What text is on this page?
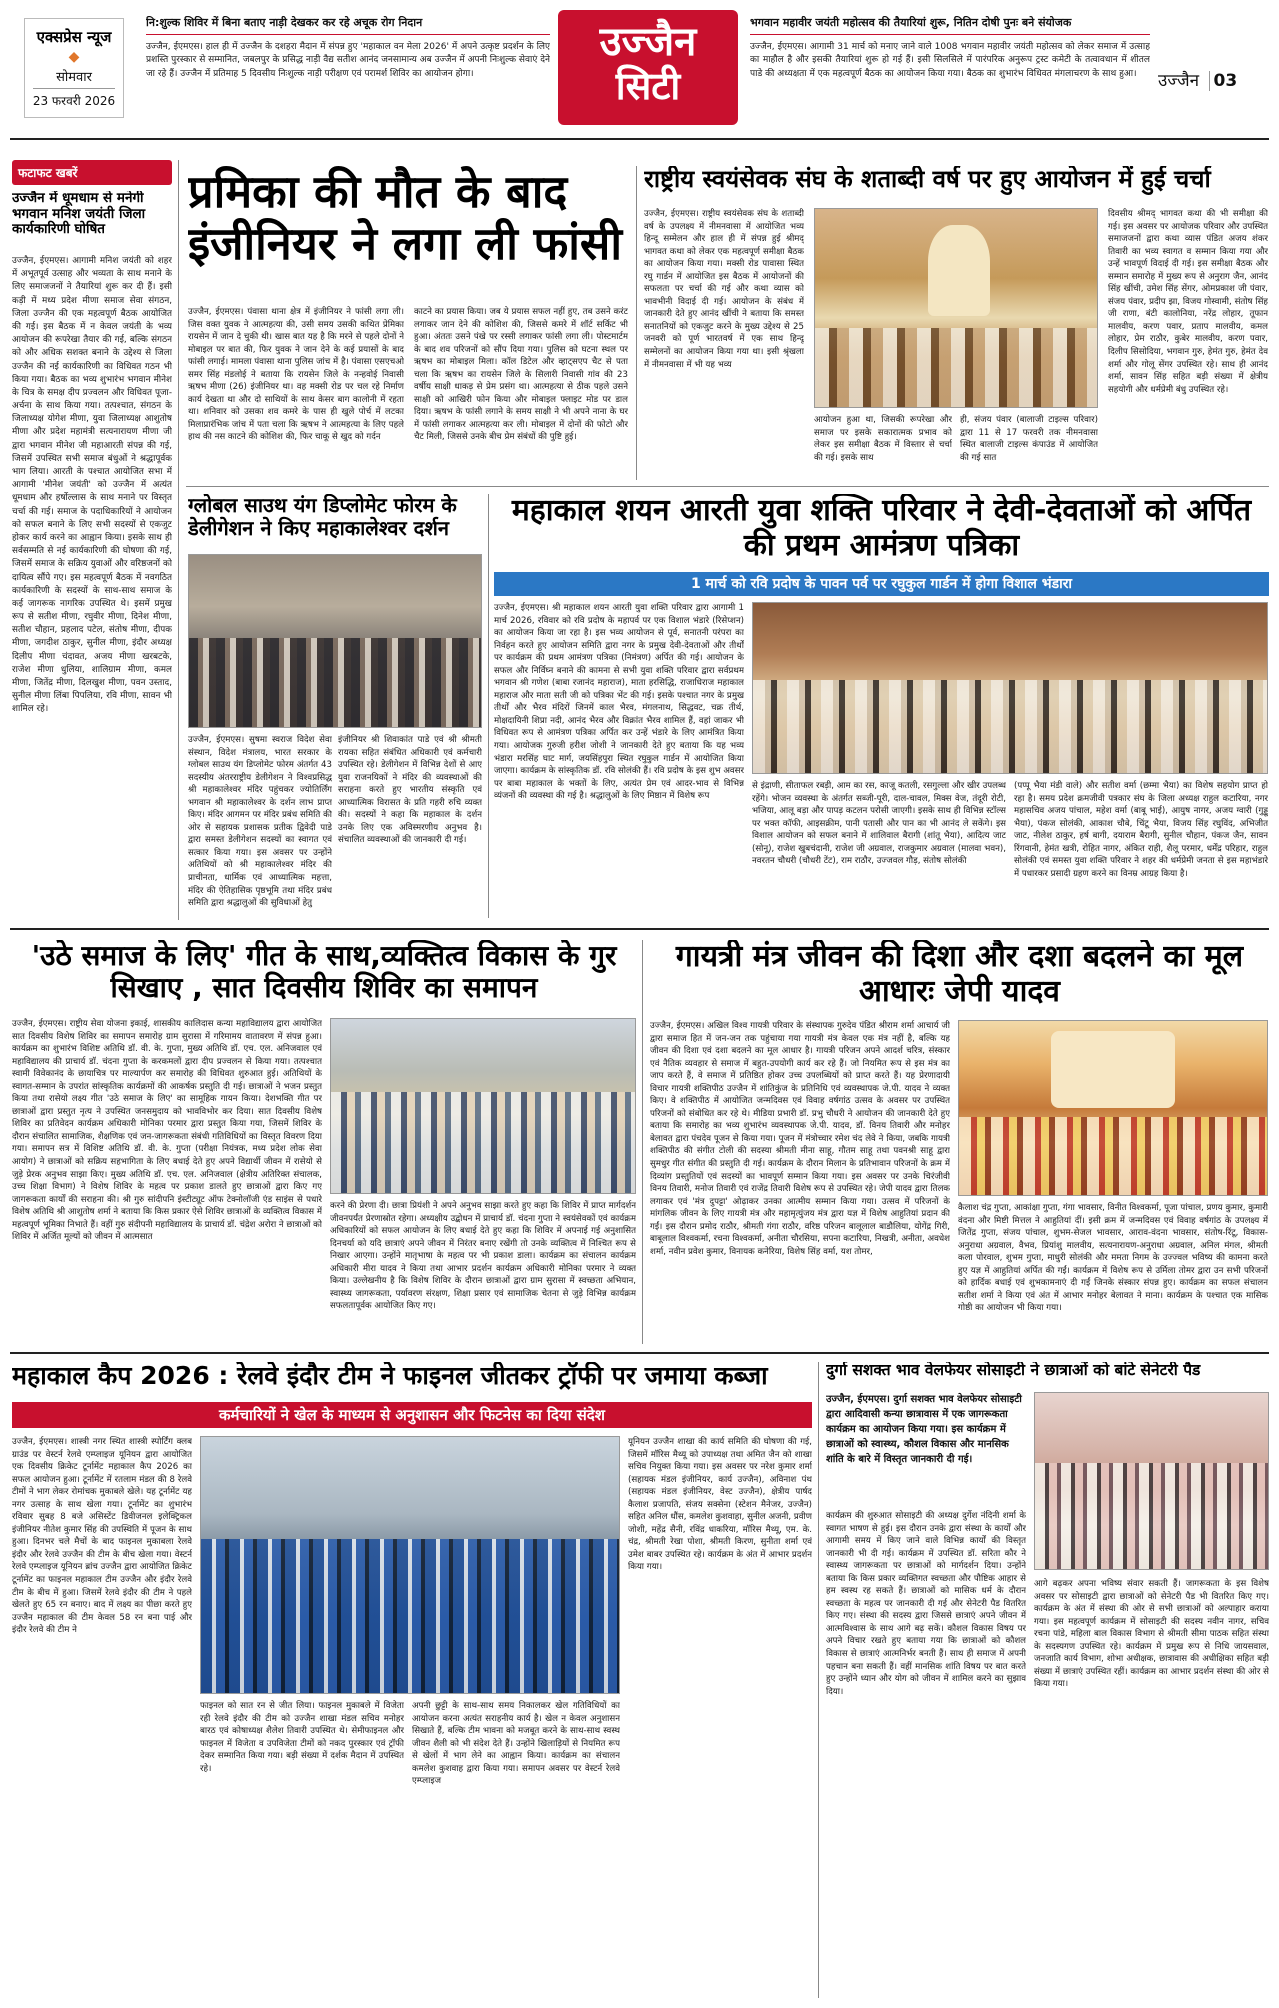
एक्सप्रेस न्यूज
◆
सोमवार
23 फरवरी 2026
नि:शुल्क शिविर में बिना बताए नाड़ी देखकर कर रहे अचूक रोग निदान
उज्जैन, ईएमएस। हाल ही में उज्जैन के दशहरा मैदान में संपन्न हुए 'महाकाल वन मेला 2026' में अपने उत्कृष्ट प्रदर्शन के लिए प्रशस्ति पुरस्कार से सम्मानित, जबलपुर के प्रसिद्ध नाड़ी वैद्य सतीश आनंद जनसामान्य अब उज्जैन में अपनी निःशुल्क सेवाएं देने जा रहे हैं। उज्जैन में प्रतिमाह 5 दिवसीय निःशुल्क नाड़ी परीक्षण एवं परामर्श शिविर का आयोजन होगा।
उज्जैन
सिटी
भगवान महावीर जयंती महोत्सव की तैयारियां शुरू, नितिन दोषी पुनः बने संयोजक
उज्जैन, ईएमएस। आगामी 31 मार्च को मनाए जाने वाले 1008 भगवान महावीर जयंती महोत्सव को लेकर समाज में उत्साह का माहौल है और इसकी तैयारियां शुरू हो गई हैं। इसी सिलसिले में पारंपरिक अनुरूप ट्रस्ट कमेटी के तत्वावधान में शीतल पाडे की अध्यक्षता में एक महत्वपूर्ण बैठक का आयोजन किया गया। बैठक का शुभारंभ विधिवत मंगलाचरण के साथ हुआ।	उज्जैन 03
फटाफट खबरें
उज्जैन में धूमधाम से मनेगी भगवान मनिश जयंती जिला कार्यकारिणी घोषित
उज्जैन, ईएमएस। आगामी मनिश जयंती को शहर में अभूतपूर्व उत्साह और भव्यता के साथ मनाने के लिए समाजजनों ने तैयारियां शुरू कर दी हैं। इसी कड़ी में मध्य प्रदेश मीणा समाज सेवा संगठन, जिला उज्जैन की एक महत्वपूर्ण बैठक आयोजित की गई। इस बैठक में न केवल जयंती के भव्य आयोजन की रूपरेखा तैयार की गई, बल्कि संगठन को और अधिक सशक्त बनाने के उद्देश्य से जिला उज्जैन की नई कार्यकारिणी का विधिवत गठन भी किया गया। बैठक का भव्य शुभारंभ भगवान मीनेश के चित्र के समक्ष दीप प्रज्वलन और विधिवत पूजा-अर्चना के साथ किया गया। तत्पश्चात, संगठन के जिलाध्यक्ष योगेश मीणा, युवा जिलाध्यक्ष आशुतोष मीणा और प्रदेश महामंत्री सत्यनारायण मीणा जी द्वारा भगवान मीनेश जी महाआरती संपन्न की गई, जिसमें उपस्थित सभी समाज बंधुओं ने श्रद्धापूर्वक भाग लिया। आरती के पश्चात आयोजित सभा में आगामी 'मीनेश जयंती' को उज्जैन में अत्यंत धूमधाम और हर्षोल्लास के साथ मनाने पर विस्तृत चर्चा की गई। समाज के पदाधिकारियों ने आयोजन को सफल बनाने के लिए सभी सदस्यों से एकजुट होकर कार्य करने का आह्वान किया। इसके साथ ही सर्वसम्मति से नई कार्यकारिणी की घोषणा की गई, जिसमें समाज के सक्रिय युवाओं और वरिष्ठजनों को दायित्व सौंपे गए। इस महत्वपूर्ण बैठक में नवगठित कार्यकारिणी के सदस्यों के साथ-साथ समाज के कई जागरूक नागरिक उपस्थित थे। इसमें प्रमुख रूप से सतीश मीणा, रघुवीर मीणा, दिनेश मीणा, सतीश चौहान, प्रहलाद पटेल, संतोष मीणा, दीपक मीणा, जगदीश ठाकुर, सुनील मीणा, इंदौर अध्यक्ष दिलीप मीणा चंदावत, अजय मीणा खरबटके, राजेश मीणा धुलिया, शालिग्राम मीणा, कमल मीणा, जितेंद्र मीणा, दिलखुश मीणा, पवन उस्ताद, सुनील मीणा लिंबा पिपलिया, रवि मीणा, सावन भी शामिल रहे।
प्रमिका की मौत के बाद इंजीनियर ने लगा ली फांसी
उज्जैन, ईएमएस। पंवासा थाना क्षेत्र में इंजीनियर ने फांसी लगा ली। जिस वक्त युवक ने आत्महत्या की, उसी समय उसकी कथित प्रेमिका रायसेन में जान दे चुकी थी। खास बात यह है कि मरने से पहले दोनों ने मोबाइल पर बात की, फिर युवक ने जान देने के कई प्रयासों के बाद फांसी लगाई। मामला पंवासा थाना पुलिस जांच में है। पंवासा एसएचओ समर सिंह मंडलोई ने बताया कि रायसेन जिले के नन्हवोई निवासी ऋषभ मीणा (26) इंजीनियर था। वह मक्सी रोड पर चल रहे निर्माण कार्य देखता था और दो साथियों के साथ केसर बाग कालोनी में रहता था। शनिवार को उसका शव कमरे के पास ही खुले पोर्च में लटका मिलाप्रारंभिक जांच में पता चला कि ऋषभ ने आत्महत्या के लिए पहले हाथ की नस काटने की कोशिश की, फिर चाकू से खुद को गर्दन
काटने का प्रयास किया। जब ये प्रयास सफल नहीं हुए, तब उसने करंट लगाकर जान देने की कोशिश की, जिससे कमरे में शॉर्ट सर्किट भी हुआ। अंततः उसने पंखे पर रस्सी लगाकर फांसी लगा ली। पोस्टमार्टम के बाद शव परिजनों को सौंप दिया गया। पुलिस को घटना स्थल पर ऋषभ का मोबाइल मिला। कॉल डिटेल और व्हाट्सएप चैट से पता चला कि ऋषभ का रायसेन जिले के सिलारी निवासी गांव की 23 वर्षीय साक्षी धाकड़ से प्रेम प्रसंग था। आत्महत्या से ठीक पहले उसने साक्षी को आखिरी फोन किया और मोबाइल फ्लाइट मोड पर डाल दिया। ऋषभ के फांसी लगाने के समय साक्षी ने भी अपने नाना के घर में फांसी लगाकर आत्महत्या कर ली। मोबाइल में दोनों की फोटो और चैट मिली, जिससे उनके बीच प्रेम संबंधों की पुष्टि हुई।
राष्ट्रीय स्वयंसेवक संघ के शताब्दी वर्ष पर हुए आयोजन में हुई चर्चा
उज्जैन, ईएमएस। राष्ट्रीय स्वयंसेवक संघ के शताब्दी वर्ष के उपलक्ष्य में नीमनवासा में आयोजित भव्य हिन्दू सम्मेलन और हाल ही में संपन्न हुई श्रीमद् भागवत कथा को लेकर एक महत्वपूर्ण समीक्षा बैठक का आयोजन किया गया। मक्सी रोड पावासा स्थित रघु गार्डन में आयोजित इस बैठक में आयोजनों की सफलता पर चर्चा की गई और कथा व्यास को भावभीनी विदाई दी गई। आयोजन के संबंध में जानकारी देते हुए आनंद खींची ने बताया कि समस्त सनातनियों को एकजुट करने के मुख्य उद्देश्य से 25 जनवरी को पूर्ण भारतवर्ष में एक साथ हिन्दू सम्मेलनों का आयोजन किया गया था। इसी श्रृंखला में नीमनवासा में भी यह भव्य
आयोजन हुआ था, जिसकी रूपरेखा और समाज पर इसके सकारात्मक प्रभाव को लेकर इस समीक्षा बैठक में विस्तार से चर्चा की गई। इसके साथ
ही, संजय पंवार (बालाजी टाइल्स परिवार) द्वारा 11 से 17 फरवरी तक नीमनवासा स्थित बालाजी टाइल्स कंपाउंड में आयोजित की गई सात
दिवसीय श्रीमद् भागवत कथा की भी समीक्षा की गई। इस अवसर पर आयोजक परिवार और उपस्थित समाजजनों द्वारा कथा व्यास पंडित अजय शंकर तिवारी का भव्य स्वागत व सम्मान किया गया और उन्हें भावपूर्ण विदाई दी गई। इस समीक्षा बैठक और सम्मान समारोह में मुख्य रूप से अनुराग जैन, आनंद सिंह खींची, उमेश सिंह सेंगर, ओमप्रकाश जी पंवार, संजय पंवार, प्रदीप झा, विजय गोस्वामी, संतोष सिंह जी राणा, बंटी कालोनिया, नरेंद्र लोहार, तूफान मालवीय, करण पवार, प्रताप मालवीय, कमल लोहार, प्रेम राठौर, कुबेर मालवीय, करण पवार, दिलीप सिसोदिया, भगवान गुरु, हेमंत गुरु, हेमंत देव शर्मा और गोलू सेंगर उपस्थित रहे। साथ ही आनंद शर्मा, सावन सिंह सहित बड़ी संख्या में क्षेत्रीय सहयोगी और धर्मप्रेमी बंधु उपस्थित रहे।
ग्लोबल साउथ यंग डिप्लोमेट फोरम के डेलीगेशन ने किए महाकालेश्वर दर्शन
उज्जैन, ईएमएस। सुषमा स्वराज विदेश सेवा संस्थान, विदेश मंत्रालय, भारत सरकार के ग्लोबल साउथ यंग डिप्लोमेट फोरम अंतर्गत 43 सदस्यीय अंतरराष्ट्रीय डेलीगेशन ने विश्वप्रसिद्ध श्री महाकालेश्वर मंदिर पहुंचकर ज्योतिर्लिंग भगवान श्री महाकालेश्वर के दर्शन लाभ प्राप्त किए। मंदिर आगमन पर मंदिर प्रबंध समिति की ओर से सहायक प्रशासक प्रतीक द्विवेदी पाडे द्वारा समस्त डेलीगेशन सदस्यों का स्वागत एवं सत्कार किया गया। इस अवसर पर उन्होंने अतिथियों को श्री महाकालेश्वर मंदिर की प्राचीनता, धार्मिक एवं आध्यात्मिक महत्ता, मंदिर की ऐतिहासिक पृष्ठभूमि तथा मंदिर प्रबंध समिति द्वारा श्रद्धालुओं की सुविधाओं हेतु
इंजीनियर श्री शिवाकांत पाडे एवं श्री श्रीमती रायका सहित संबंधित अधिकारी एवं कर्मचारी उपस्थित रहे। डेलीगेशन में विभिन्न देशों से आए युवा राजनयिकों ने मंदिर की व्यवस्थाओं की सराहना करते हुए भारतीय संस्कृति एवं आध्यात्मिक विरासत के प्रति गहरी रुचि व्यक्त की। सदस्यों ने कहा कि महाकाल के दर्शन उनके लिए एक अविस्मरणीय अनुभव है। संचालित व्यवस्थाओं की जानकारी दी गई।
महाकाल शयन आरती युवा शक्ति परिवार ने देवी-देवताओं को अर्पित की प्रथम आमंत्रण पत्रिका
1 मार्च को रवि प्रदोष के पावन पर्व पर रघुकुल गार्डन में होगा विशाल भंडारा
उज्जैन, ईएमएस। श्री महाकाल शयन आरती युवा शक्ति परिवार द्वारा आगामी 1 मार्च 2026, रविवार को रवि प्रदोष के महापर्व पर एक विशाल भंडारे (रिसेप्शन) का आयोजन किया जा रहा है। इस भव्य आयोजन से पूर्व, सनातनी परंपरा का निर्वहन करते हुए आयोजन समिति द्वारा नगर के प्रमुख देवी-देवताओं और तीर्थों पर कार्यक्रम की प्रथम आमंत्रण पत्रिका (निमंत्रण) अर्पित की गई। आयोजन के सफल और निर्विघ्न बनाने की कामना से सभी युवा शक्ति परिवार द्वारा सर्वप्रथम भगवान श्री गणेश (बाबा रजानंद महाराज), माता हरसिद्धि, राजाधिराज महाकाल महाराज और माता सती जी को पत्रिका भेंट की गई। इसके पश्चात नगर के प्रमुख तीर्थों और भैरव मंदिरों जिनमें काल भैरव, मंगलनाथ, सिद्धवट, चक्र तीर्थ, मोक्षदायिनी शिप्रा नदी, आनंद भैरव और विक्रांत भैरव शामिल हैं, वहां जाकर भी विधिवत रूप से आमंत्रण पत्रिका अर्पित कर उन्हें भंडारे के लिए आमंत्रित किया गया। आयोजक गुरुजी हरीश जोशी ने जानकारी देते हुए बताया कि यह भव्य भंडारा मरसिंह घाट मार्ग, जयसिंहपुरा स्थित रघुकुल गार्डन में आयोजित किया जाएगा। कार्यक्रम के सांस्कृतिक डॉ. रवि सोलंकी हैं। रवि प्रदोष के इस शुभ अवसर पर बाबा महाकाल के भक्तों के लिए, अत्यंत प्रेम एवं आदर-भाव से विभिन्न व्यंजनों की व्यवस्था की गई है। श्रद्धालुओं के लिए मिष्ठान में विशेष रूप
से इंद्राणी, सीताफल रबड़ी, आम का रस, काजू कतली, रसगुल्ला और खीर उपलब्ध रहेंगे। भोजन व्यवस्था के अंतर्गत सब्जी-पूरी, दाल-चावल, मिक्स वेज, तंदूरी रोटी, भजिया, आलू बड़ा और पापड़ कटलन परोसी जाएगी। इसके साथ ही विभिन्न स्टॉल्स पर भक्त कॉफी, आइसक्रीम, पानी पतासी और पान का भी आनंद ले सकेंगे। इस विशाल आयोजन को सफल बनाने में शालिवाल बैरागी (शांतू भैया), आदित्य जाट (सोनू), राजेश खुबचंदानी, राजेश जी अग्रवाल, राजकुमार अग्रवाल (मालवा भवन), नवरतन चौधरी (चौधरी टेंट), राम राठौर, उज्जवल गौड़, संतोष सोलंकी
(पप्पू भैया मंडी वाले) और सतीश वर्मा (छम्मा भैया) का विशेष सहयोग प्राप्त हो रहा है। समय प्रदेश क्रमजीवी पत्रकार संघ के जिला अध्यक्ष राहुल कटारिया, नगर महासचिव अजय पांचाल, महेश वर्मा (बाबू भाई), आयुष नागर, अजय ग्वारी (गुड्डू भैया), पंकज सोलंकी, आकाश चौबे, चिंटू भैया, विजय सिंह रघुविंद, अभिजीत जाट, नीलेश ठाकुर, हर्ष बागी, दयाराम बैरागी, सुनील चौहान, पंकज जैन, सावन रिंगवानी, हेमंत खत्री, रोहित नागर, अंकित राही, शैलू परमार, धर्मेंद्र परिहार, राहुल सोलंकी एवं समस्त युवा शक्ति परिवार ने शहर की धर्मप्रेमी जनता से इस महाभंडारे में पधारकर प्रसादी ग्रहण करने का विनम्र आग्रह किया है।
'उठे समाज के लिए' गीत के साथ,व्यक्तित्व विकास के गुर सिखाए , सात दिवसीय शिविर का समापन
उज्जैन, ईएमएस। राष्ट्रीय सेवा योजना इकाई, शासकीय कालिदास कन्या महाविद्यालय द्वारा आयोजित सात दिवसीय विशेष शिविर का समापन समारोह ग्राम सुरासा में गरिमामय वातावरण में संपन्न हुआ। कार्यक्रम का शुभारंभ विशिष्ट अतिथि डॉ. वी. के. गुप्ता, मुख्य अतिथि डॉ. एच. एल. अनिजवाल एवं महाविद्यालय की प्राचार्य डॉ. चंदना गुप्ता के करकमलों द्वारा दीप प्रज्वलन से किया गया। तत्पश्चात स्वामी विवेकानंद के छायाचित्र पर माल्यार्पण कर समारोह की विधिवत शुरुआत हुई। अतिथियों के स्वागत-सम्मान के उपरांत सांस्कृतिक कार्यक्रमों की आकर्षक प्रस्तुति दी गई। छात्राओं ने भजन प्रस्तुत किया तथा रासेयो लक्ष्य गीत 'उठे समाज के लिए' का सामूहिक गायन किया। देशभक्ति गीत पर छात्राओं द्वारा प्रस्तुत नृत्य ने उपस्थित जनसमुदाय को भावविभोर कर दिया। सात दिवसीय विशेष शिविर का प्रतिवेदन कार्यक्रम अधिकारी मोनिका परमार द्वारा प्रस्तुत किया गया, जिसमें शिविर के दौरान संचालित सामाजिक, शैक्षणिक एवं जन-जागरूकता संबंधी गतिविधियों का विस्तृत विवरण दिया गया। समापन सत्र में विशिष्ट अतिथि डॉ. वी. के. गुप्ता (परीक्षा नियंत्रक, मध्य प्रदेश लोक सेवा आयोग) ने छात्राओं को सक्रिय सहभागिता के लिए बधाई देते हुए अपने विद्यार्थी जीवन में रासेयो से जुड़े प्रेरक अनुभव साझा किए। मुख्य अतिथि डॉ. एच. एल. अनिजवाल (क्षेत्रीय अतिरिक्त संचालक, उच्च शिक्षा विभाग) ने विशेष शिविर के महत्व पर प्रकाश डालते हुए छात्राओं द्वारा किए गए जागरूकता कार्यों की सराहना की। श्री गुरु सांदीपनि इंस्टीट्यूट ऑफ टेक्नोलॉजी एंड साइंस से पधारे विशेष अतिथि श्री आशुतोष शर्मा ने बताया कि किस प्रकार ऐसे शिविर छात्राओं के व्यक्तित्व विकास में महत्वपूर्ण भूमिका निभाते हैं। वहीं गुरु संदीपनी महाविद्यालय के प्राचार्य डॉ. चंद्रेश अरोरा ने छात्राओं को शिविर में अर्जित मूल्यों को जीवन में आत्मसात
करने की प्रेरणा दी। छात्रा प्रियंशी ने अपने अनुभव साझा करते हुए कहा कि शिविर में प्राप्त मार्गदर्शन जीवनपर्यंत प्रेरणास्रोत रहेगा। अध्यक्षीय उद्बोधन में प्राचार्य डॉ. चंदना गुप्ता ने स्वयंसेवकों एवं कार्यक्रम अधिकारियों को सफल आयोजन के लिए बधाई देते हुए कहा कि शिविर में अपनाई गई अनुशासित दिनचर्या को यदि छात्राएं अपने जीवन में निरंतर बनाए रखेंगी तो उनके व्यक्तित्व में निश्चित रूप से निखार आएगा। उन्होंने मातृभाषा के महत्व पर भी प्रकाश डाला। कार्यक्रम का संचालन कार्यक्रम अधिकारी मीरा यादव ने किया तथा आभार प्रदर्शन कार्यक्रम अधिकारी मोनिका परमार ने व्यक्त किया। उल्लेखनीय है कि विशेष शिविर के दौरान छात्राओं द्वारा ग्राम सुरासा में स्वच्छता अभियान, स्वास्थ्य जागरूकता, पर्यावरण संरक्षण, शिक्षा प्रसार एवं सामाजिक चेतना से जुड़े विभिन्न कार्यक्रम सफलतापूर्वक आयोजित किए गए।
गायत्री मंत्र जीवन की दिशा और दशा बदलने का मूल आधारः जेपी यादव
उज्जैन, ईएमएस। अखिल विश्व गायत्री परिवार के संस्थापक गुरुदेव पंडित श्रीराम शर्मा आचार्य जी द्वारा समाज हित में जन-जन तक पहुंचाया गया गायत्री मंत्र केवल एक मंत्र नहीं है, बल्कि यह जीवन की दिशा एवं दशा बदलने का मूल आधार है। गायत्री परिजन अपने आदर्श चरित्र, संस्कार एवं नैतिक व्यवहार से समाज में बहुत-उपयोगी कार्य कर रहे हैं। जो नियमित रूप से इस मंत्र का जाप करते हैं, वे समाज में प्रतिष्ठित होकर उच्च उपलब्धियों को प्राप्त करते हैं। यह प्रेरणादायी विचार गायत्री शक्तिपीठ उज्जैन में शांतिकुंज के प्रतिनिधि एवं व्यवस्थापक जे.पी. यादव ने व्यक्त किए। वे शक्तिपीठ में आयोजित जन्मदिवस एवं विवाह वर्षगांठ उत्सव के अवसर पर उपस्थित परिजनों को संबोधित कर रहे थे। मीडिया प्रभारी डॉ. प्रभु चौधरी ने आयोजन की जानकारी देते हुए बताया कि समारोह का भव्य शुभारंभ व्यवस्थापक जे.पी. यादव, डॉ. विनय तिवारी और मनोहर बेलावत द्वारा पंचदेव पूजन से किया गया। पूजन में मंत्रोच्चार रमेश चंद लेवे ने किया, जबकि गायत्री शक्तिपीठ की संगीत टोली की सदस्या श्रीमती मीना साहू, गौतम साहू तथा पवनश्री साहू द्वारा सुमधुर गीत संगीत की प्रस्तुति दी गई। कार्यक्रम के दौरान मिलान के प्रतिभावान परिजनों के क्रम में दिव्यांग प्रस्तुतियों एवं सदस्यों का भावपूर्ण सम्मान किया गया। इस अवसर पर उनके चिरंजीवी विनय तिवारी, मनोज तिवारी एवं राजेंद्र तिवारी विशेष रूप से उपस्थित रहे। जेपी यादव द्वारा तिलक लगाकर एवं 'मंत्र दुपट्टा' ओढ़ाकर उनका आत्मीय सम्मान किया गया। उत्सव में परिजनों के मांगलिक जीवन के लिए गायत्री मंत्र और महामृत्युंजय मंत्र द्वारा यज्ञ में विशेष आहुतियां प्रदान की गईं। इस दौरान प्रमोद राठौर, श्रीमती गंगा राठौर, वरिष्ठ परिजन बालूलाल बाडौलिया, योगेंद्र गिरी, बाबूलाल विश्वकर्मा, रचना विश्वकर्मा, अनीता चौरसिया, सपना कटारिया, निखत्री, अनीता, अवधेश शर्मा, नवीन प्रवेश कुमार, विनायक कनेरिया, विशेष सिंह वर्मा, यश तोमर,
कैलाश चंद्र गुप्ता, आकांक्षा गुप्ता, गंगा भावसार, विनीत विश्वकर्मा, पूजा पांचाल, प्रणय कुमार, कुमारी वंदना और मिष्टी मित्तल ने आहुतियां दीं। इसी क्रम में जन्मदिवस एवं विवाह वर्षगांठ के उपलक्ष्य में जितेंद्र गुप्ता, संजय पांचाल, शुभम-सेजल भावसार, आराव-वंदना भावसार, संतोष-रिंटू, विकास-अनुराधा अग्रवाल, वैभव, प्रियांशु मालवीय, सत्यनारायण-अनुराधा अग्रवाल, अनिल मंगल, श्रीमती कला पोरवाल, शुभम गुप्ता, माधुरी सोलंकी और ममता निगम के उज्ज्वल भविष्य की कामना करते हुए यज्ञ में आहुतियां अर्पित की गईं। कार्यक्रम में विशेष रूप से उर्मिला तोमर द्वारा उन सभी परिजनों को हार्दिक बधाई एवं शुभकामनाएं दी गईं जिनके संस्कार संपन्न हुए। कार्यक्रम का सफल संचालन सतीश शर्मा ने किया एवं अंत में आभार मनोहर बेलावत ने माना। कार्यक्रम के पश्चात एक मासिक गोष्ठी का आयोजन भी किया गया।
महाकाल कैप 2026 : रेलवे इंदौर टीम ने फाइनल जीतकर ट्रॉफी पर जमाया कब्जा
कर्मचारियों ने खेल के माध्यम से अनुशासन और फिटनेस का दिया संदेश
उज्जैन, ईएमएस। शास्त्री नगर स्थित शास्त्री स्पोर्टिंग क्लब ग्राउंड पर वेस्टर्न रेलवे एम्प्लाइज यूनियन द्वारा आयोजित एक दिवसीय क्रिकेट टूर्नामेंट महाकाल कैप 2026 का सफल आयोजन हुआ। टूर्नामेंट में रतलाम मंडल की 8 रेलवे टीमों ने भाग लेकर रोमांचक मुकाबले खेले। यह टूर्नामेंट यह नगर उत्साह के साथ खेला गया। टूर्नामेंट का शुभारंभ रविवार सुबह 8 बजे असिस्टेंट डिवीजनल इलेक्ट्रिकल इंजीनियर नीतेश कुमार सिंह की उपस्थिति में पूजन के साथ हुआ। दिनभर चले मैचों के बाद फाइनल मुकाबला रेलवे इंदौर और रेलवे उज्जैन की टीम के बीच खेला गया। वेस्टर्न रेलवे एम्प्लाइज यूनियन ब्रांच उज्जैन द्वारा आयोजित क्रिकेट टूर्नामेंट का फाइनल महाकाल टीम उज्जैन और इंदौर रेलवे टीम के बीच में हुआ। जिसमें रेलवे इंदौर की टीम ने पहले खेलते हुए 65 रन बनाए। बाद में लक्ष्य का पीछा करते हुए उज्जैन महाकाल की टीम केवल 58 रन बना पाई और इंदौर रेलवे की टीम ने
फाइनल को सात रन से जीत लिया। फाइनल मुकाबले में विजेता रही रेलवे इंदौर की टीम को उज्जैन शाखा मंडल सचिव मनोहर बारठ एवं कोषाध्यक्ष शैलेश तिवारी उपस्थित थे। सेमीफाइनल और फाइनल में विजेता व उपविजेता टीमों को नकद पुरस्कार एवं ट्रॉफी देकर सम्मानित किया गया। बड़ी संख्या में दर्शक मैदान में उपस्थित रहे।
अपनी छुट्टी के साथ-साथ समय निकालकर खेल गतिविधियों का आयोजन करना अत्यंत सराहनीय कार्य है। खेल न केवल अनुशासन सिखाते हैं, बल्कि टीम भावना को मजबूत करने के साथ-साथ स्वस्थ जीवन शैली को भी संदेश देते हैं। उन्होंने खिलाड़ियों से नियमित रूप से खेलों में भाग लेने का आह्वान किया। कार्यक्रम का संचालन कमलेश कुशवाह द्वारा किया गया। समापन अवसर पर वेस्टर्न रेलवे एम्प्लाइज
यूनियन उज्जैन शाखा की कार्य समिति की घोषणा की गई, जिसमें मॉरिस मैथ्यू को उपाध्यक्ष तथा अमित जैन को शाखा सचिव नियुक्त किया गया। इस अवसर पर नरेश कुमार शर्मा (सहायक मंडल इंजीनियर, कार्य उज्जैन), अविनाश पंथ (सहायक मंडल इंजीनियर, वेस्ट उज्जैन), क्षेत्रीय पार्षद कैलाश प्रजापति, संजय सक्सेना (स्टेशन मैनेजर, उज्जैन) सहित अनिल धौंस, कमलेश कुशवाहा, सुनील अजनी, प्रवीण जोशी, महेंद्र सैनी, रविंद्र धाकरिया, मॉरिस मैथ्यू, एम. के. चंद्र, श्रीमती रेखा पोशा, श्रीमती किरण, सुनीता शर्मा एवं उमेश बाबर उपस्थित रहे। कार्यक्रम के अंत में आभार प्रदर्शन किया गया।
दुर्गा सशक्त भाव वेलफेयर सोसाइटी ने छात्राओं को बांटे सेनेटरी पैड
उज्जैन, ईएमएस। दुर्गा सशक्त भाव वेलफेयर सोसाइटी द्वारा आदिवासी कन्या छात्रावास में एक जागरूकता कार्यक्रम का आयोजन किया गया। इस कार्यक्रम में छात्राओं को स्वास्थ्य, कौशल विकास और मानसिक शांति के बारे में विस्तृत जानकारी दी गई।
कार्यक्रम की शुरुआत सोसाइटी की अध्यक्ष दुर्गेश नंदिनी शर्मा के स्वागत भाषण से हुई। इस दौरान उनके द्वारा संस्था के कार्यों और आगामी समय में किए जाने वाले विभिन्न कार्यों की विस्तृत जानकारी भी दी गई। कार्यक्रम में उपस्थित डॉ. सरिता कौर ने स्वास्थ्य जागरूकता पर छात्राओं को मार्गदर्शन दिया। उन्होंने बताया कि किस प्रकार व्यक्तिगत स्वच्छता और पौष्टिक आहार से हम स्वस्थ रह सकते हैं। छात्राओं को मासिक धर्म के दौरान स्वच्छता के महत्व पर जानकारी दी गई और सेनेटरी पैड वितरित किए गए। संस्था की सदस्य द्वारा जिससे छात्राएं अपने जीवन में आत्मविश्वास के साथ आगे बढ़ सकें। कौशल विकास विषय पर अपने विचार रखते हुए बताया गया कि छात्राओं को कौशल विकास से छात्राएं आत्मनिर्भर बनती हैं। साथ ही समाज में अपनी पहचान बना सकती हैं। वहीं मानसिक शांति विषय पर बात करते हुए उन्होंने ध्यान और योग को जीवन में शामिल करने का सुझाव दिया।
आगे बढ़कर अपना भविष्य संवार सकती हैं। जागरूकता के इस विशेष अवसर पर सोसाइटी द्वारा छात्राओं को सेनेटरी पैड भी वितरित किए गए। कार्यक्रम के अंत में संस्था की ओर से सभी छात्राओं को अल्पाहार कराया गया। इस महत्वपूर्ण कार्यक्रम में सोसाइटी की सदस्य नवीन नागर, सचिव रचना पांडे, महिला बाल विकास विभाग से श्रीमती सीमा पाठक सहित संस्था के सदस्यगण उपस्थित रहे। कार्यक्रम में प्रमुख रूप से निधि जायसवाल, जनजाति कार्य विभाग, शोभा अधीक्षक, छात्रावास की अधीक्षिका सहित बड़ी संख्या में छात्राएं उपस्थित रहीं। कार्यक्रम का आभार प्रदर्शन संस्था की ओर से किया गया।
